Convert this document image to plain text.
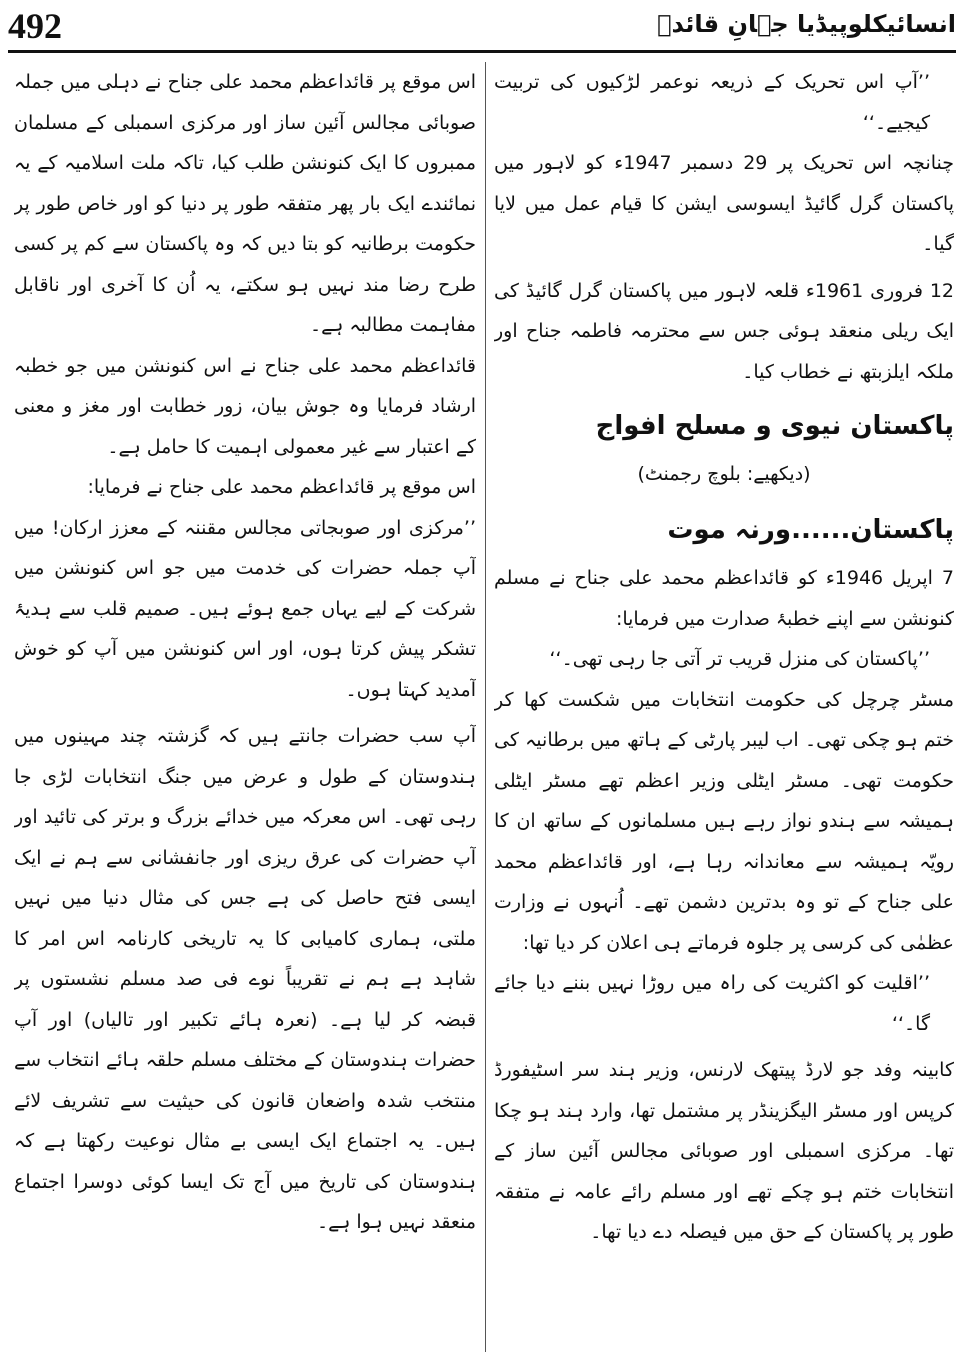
492	انسائیکلوپیڈیا جہانِ قائدؒ

’’آپ اس تحریک کے ذریعہ نوعمر لڑکیوں کی تربیت کیجیے۔‘‘

چنانچہ اس تحریک پر 29 دسمبر 1947ء کو لاہور میں پاکستان گرل گائیڈ ایسوسی ایشن کا قیام عمل میں لایا گیا۔

12 فروری 1961ء قلعہ لاہور میں پاکستان گرل گائیڈ کی ایک ریلی منعقد ہوئی جس سے محترمہ فاطمہ جناح اور ملکہ ایلزبتھ نے خطاب کیا۔

پاکستان نیوی و مسلح افواج
(دیکھیے: بلوچ رجمنٹ)
پاکستان......ورنہ موت

7 اپریل 1946ء کو قائداعظم محمد علی جناح نے مسلم کنونشن سے اپنے خطبۂ صدارت میں فرمایا:

’’پاکستان کی منزل قریب تر آتی جا رہی تھی۔‘‘

مسٹر چرچل کی حکومت انتخابات میں شکست کھا کر ختم ہو چکی تھی۔ اب لیبر پارٹی کے ہاتھ میں برطانیہ کی حکومت تھی۔ مسٹر ایٹلی وزیر اعظم تھے مسٹر ایٹلی ہمیشہ سے ہندو نواز رہے ہیں مسلمانوں کے ساتھ ان کا رویّہ ہمیشہ سے معاندانہ رہا ہے، اور قائداعظم محمد علی جناح کے تو وہ بدترین دشمن تھے۔ اُنہوں نے وزارت عظمٰی کی کرسی پر جلوہ فرماتے ہی اعلان کر دیا تھا:

’’اقلیت کو اکثریت کی راہ میں روڑا نہیں بننے دیا جائے گا۔‘‘

کابینہ وفد جو لارڈ پیتھک لارنس، وزیر ہند سر اسٹیفورڈ کرپس اور مسٹر الیگزینڈر پر مشتمل تھا، وارد ہند ہو چکا تھا۔ مرکزی اسمبلی اور صوبائی مجالس آئین ساز کے انتخابات ختم ہو چکے تھے اور مسلم رائے عامہ نے متفقہ طور پر پاکستان کے حق میں فیصلہ دے دیا تھا۔

اس موقع پر قائداعظم محمد علی جناح نے دہلی میں جملہ صوبائی مجالس آئین ساز اور مرکزی اسمبلی کے مسلمان ممبروں کا ایک کنونشن طلب کیا، تاکہ ملت اسلامیہ کے یہ نمائندے ایک بار پھر متفقہ طور پر دنیا کو اور خاص طور پر حکومت برطانیہ کو بتا دیں کہ وہ پاکستان سے کم پر کسی طرح رضا مند نہیں ہو سکتے، یہ اُن کا آخری اور ناقابل مفاہمت مطالبہ ہے۔

قائداعظم محمد علی جناح نے اس کنونشن میں جو خطبہ ارشاد فرمایا وہ جوش بیان، زور خطابت اور مغز و معنی کے اعتبار سے غیر معمولی اہمیت کا حامل ہے۔

اس موقع پر قائداعظم محمد علی جناح نے فرمایا:

’’مرکزی اور صوبجاتی مجالس مقننہ کے معزز ارکان! میں آپ جملہ حضرات کی خدمت میں جو اس کنونشن میں شرکت کے لیے یہاں جمع ہوئے ہیں۔ صمیم قلب سے ہدیۂ تشکر پیش کرتا ہوں، اور اس کنونشن میں آپ کو خوش آمدید کہتا ہوں۔

آپ سب حضرات جانتے ہیں کہ گزشتہ چند مہینوں میں ہندوستان کے طول و عرض میں جنگ انتخابات لڑی جا رہی تھی۔ اس معرکہ میں خدائے بزرگ و برتر کی تائید اور آپ حضرات کی عرق ریزی اور جانفشانی سے ہم نے ایک ایسی فتح حاصل کی ہے جس کی مثال دنیا میں نہیں ملتی، ہماری کامیابی کا یہ تاریخی کارنامہ اس امر کا شاہد ہے ہم نے تقریباً نوے فی صد مسلم نشستوں پر قبضہ کر لیا ہے۔ (نعرہ ہائے تکبیر اور تالیاں) اور آپ حضرات ہندوستان کے مختلف مسلم حلقہ ہائے انتخاب سے منتخب شدہ واضعان قانون کی حیثیت سے تشریف لائے ہیں۔ یہ اجتماع ایک ایسی بے مثال نوعیت رکھتا ہے کہ ہندوستان کی تاریخ میں آج تک ایسا کوئی دوسرا اجتماع منعقد نہیں ہوا ہے۔
